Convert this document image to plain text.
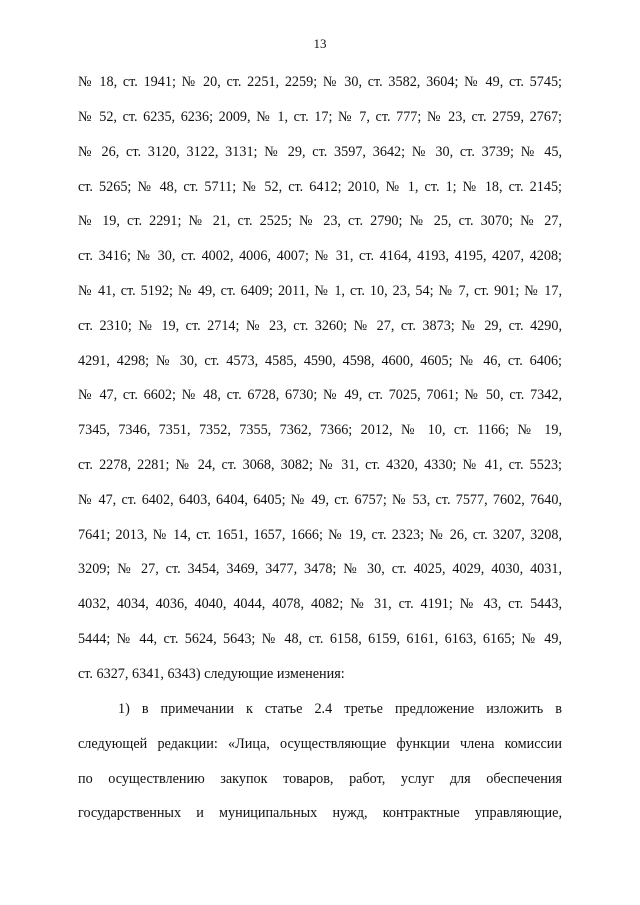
13
№ 18, ст. 1941; № 20, ст. 2251, 2259; № 30, ст. 3582, 3604; № 49, ст. 5745;
№ 52, ст. 6235, 6236; 2009, № 1, ст. 17; № 7, ст. 777; № 23, ст. 2759, 2767;
№ 26, ст. 3120, 3122, 3131; № 29, ст. 3597, 3642; № 30, ст. 3739; № 45,
ст. 5265; № 48, ст. 5711; № 52, ст. 6412; 2010, № 1, ст. 1; № 18, ст. 2145;
№ 19, ст. 2291; № 21, ст. 2525; № 23, ст. 2790; № 25, ст. 3070; № 27,
ст. 3416; № 30, ст. 4002, 4006, 4007; № 31, ст. 4164, 4193, 4195, 4207, 4208;
№ 41, ст. 5192; № 49, ст. 6409; 2011, № 1, ст. 10, 23, 54; № 7, ст. 901; № 17,
ст. 2310; № 19, ст. 2714; № 23, ст. 3260; № 27, ст. 3873; № 29, ст. 4290,
4291, 4298; № 30, ст. 4573, 4585, 4590, 4598, 4600, 4605; № 46, ст. 6406;
№ 47, ст. 6602; № 48, ст. 6728, 6730; № 49, ст. 7025, 7061; № 50, ст. 7342,
7345, 7346, 7351, 7352, 7355, 7362, 7366; 2012, № 10, ст. 1166; № 19,
ст. 2278, 2281; № 24, ст. 3068, 3082; № 31, ст. 4320, 4330; № 41, ст. 5523;
№ 47, ст. 6402, 6403, 6404, 6405; № 49, ст. 6757; № 53, ст. 7577, 7602, 7640,
7641; 2013, № 14, ст. 1651, 1657, 1666; № 19, ст. 2323; № 26, ст. 3207, 3208,
3209; № 27, ст. 3454, 3469, 3477, 3478; № 30, ст. 4025, 4029, 4030, 4031,
4032, 4034, 4036, 4040, 4044, 4078, 4082; № 31, ст. 4191; № 43, ст. 5443,
5444; № 44, ст. 5624, 5643; № 48, ст. 6158, 6159, 6161, 6163, 6165; № 49,
ст. 6327, 6341, 6343) следующие изменения:
1) в примечании к статье 2.4 третье предложение изложить в
следующей редакции: «Лица, осуществляющие функции члена комиссии
по осуществлению закупок товаров, работ, услуг для обеспечения
государственных и муниципальных нужд, контрактные управляющие,
